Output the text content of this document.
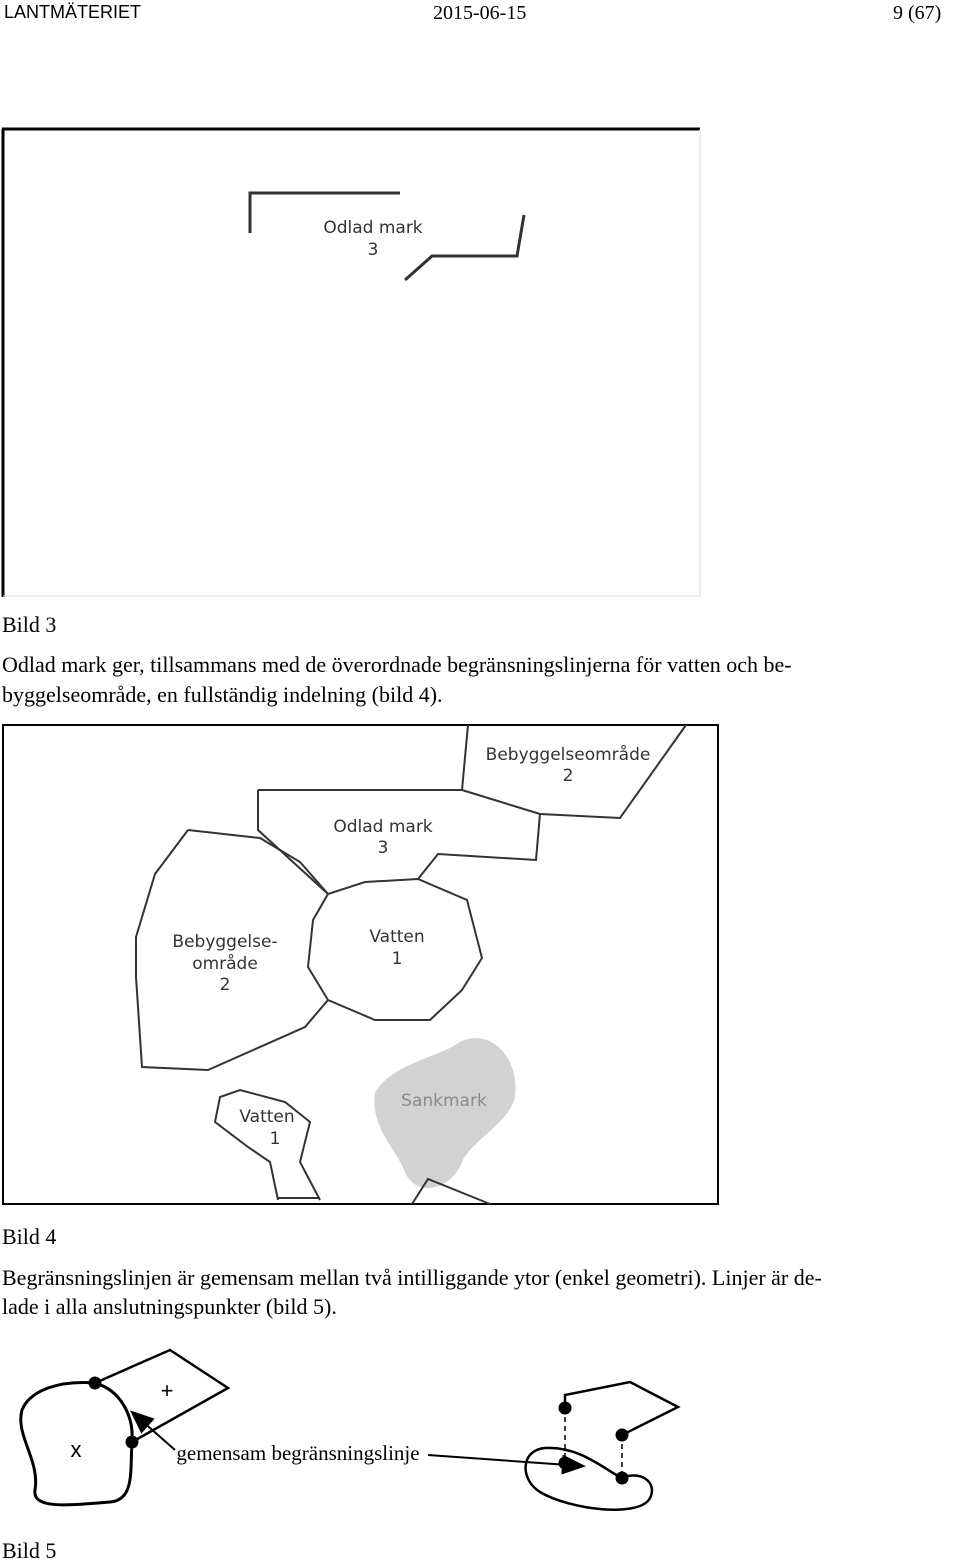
LANTMÄTERIET	2015-06-15	9 (67)
Odlad mark
3
Bild 3

Odlad mark ger, tillsammans med de överordnade begränsningslinjerna för vatten och be-

byggelseområde, en fullständig indelning (bild 4).

Bebyggelseområde
2
Odlad mark
3
Bebyggelse-
område
2
Vatten
1
Vatten
1
Sankmark
Bild 4

Begränsningslinjen är gemensam mellan två intilliggande ytor (enkel geometri). Linjer är de-

lade i alla anslutningspunkter (bild 5).

+
x	gemensam begränsningslinje
Bild 5
